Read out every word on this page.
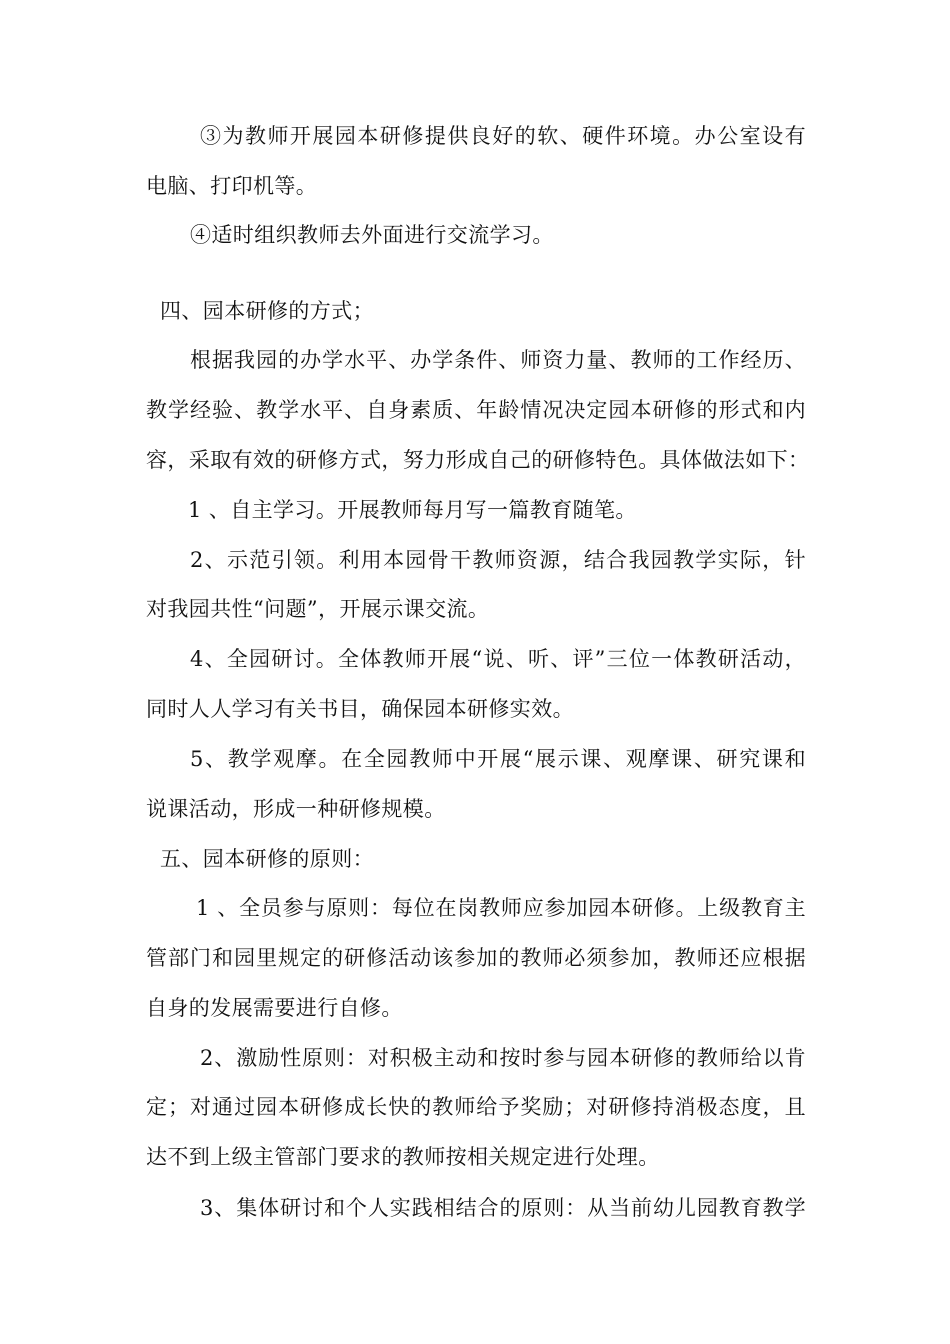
③为教师开展园本研修提供良好的软、硬件环境。办公室设有
电脑、打印机等。
④适时组织教师去外面进行交流学习。
四、园本研修的方式；
根据我园的办学水平、办学条件、师资力量、教师的工作经历、
教学经验、教学水平、自身素质、年龄情况决定园本研修的形式和内
容，采取有效的研修方式，努力形成自己的研修特色。具体做法如下：
1 、自主学习。开展教师每月写一篇教育随笔。
2、示范引领。利用本园骨干教师资源，结合我园教学实际，针
对我园共性“问题”，开展示课交流。
4、全园研讨。全体教师开展“说、听、评”三位一体教研活动，
同时人人学习有关书目，确保园本研修实效。
5、教学观摩。在全园教师中开展“展示课、观摩课、研究课和
说课活动，形成一种研修规模。
五、园本研修的原则：
1 、全员参与原则：每位在岗教师应参加园本研修。上级教育主
管部门和园里规定的研修活动该参加的教师必须参加，教师还应根据
自身的发展需要进行自修。
2、激励性原则：对积极主动和按时参与园本研修的教师给以肯
定；对通过园本研修成长快的教师给予奖励；对研修持消极态度，且
达不到上级主管部门要求的教师按相关规定进行处理。
3、集体研讨和个人实践相结合的原则：从当前幼儿园教育教学
